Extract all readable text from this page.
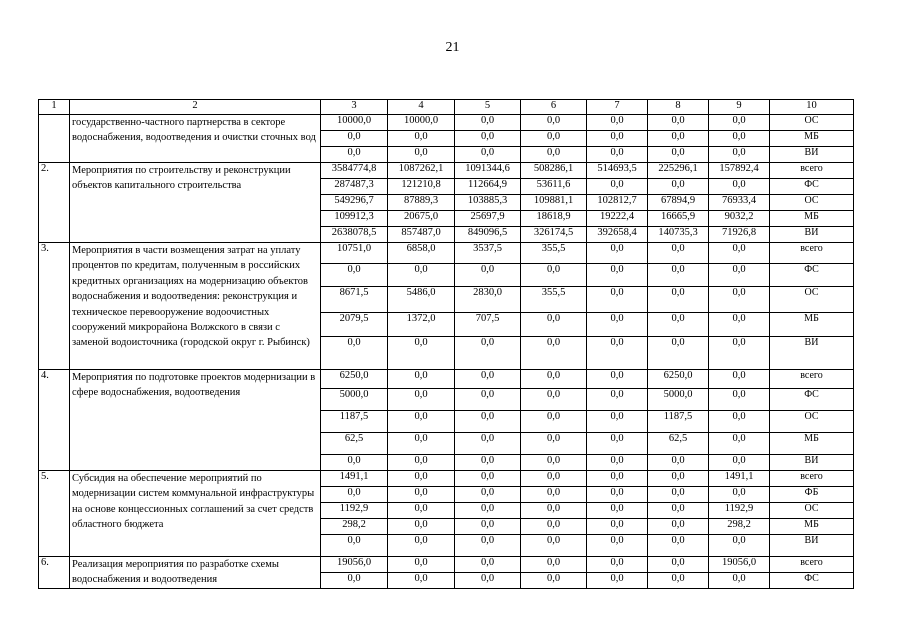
21
1	2	3	4	5	6	7	8	9	10
	государственно-частного партнерства в секторе водоснабжения, водоотведения и очистки сточных вод	10000,0	10000,0	0,0	0,0	0,0	0,0	0,0	ОС
		0,0	0,0	0,0	0,0	0,0	0,0	0,0	МБ
		0,0	0,0	0,0	0,0	0,0	0,0	0,0	ВИ
2.	Мероприятия по строительству и реконструкции объектов капитального строительства	3584774,8	1087262,1	1091344,6	508286,1	514693,5	225296,1	157892,4	всего
		287487,3	121210,8	112664,9	53611,6	0,0	0,0	0,0	ФС
		549296,7	87889,3	103885,3	109881,1	102812,7	67894,9	76933,4	ОС
		109912,3	20675,0	25697,9	18618,9	19222,4	16665,9	9032,2	МБ
		2638078,5	857487,0	849096,5	326174,5	392658,4	140735,3	71926,8	ВИ
3.	Мероприятия в части возмещения затрат на уплату процентов по кредитам, полученным в российских кредитных организациях на модернизацию объектов водоснабжения и водоотведения: реконструкция и техническое перевооружение водоочистных сооружений микрорайона Волжского в связи с заменой водоисточника (городской округ г. Рыбинск)	10751,0	6858,0	3537,5	355,5	0,0	0,0	0,0	всего
		0,0	0,0	0,0	0,0	0,0	0,0	0,0	ФС
		8671,5	5486,0	2830,0	355,5	0,0	0,0	0,0	ОС
		2079,5	1372,0	707,5	0,0	0,0	0,0	0,0	МБ
		0,0	0,0	0,0	0,0	0,0	0,0	0,0	ВИ
4.	Мероприятия по подготовке проектов модернизации в сфере водоснабжения, водоотведения	6250,0	0,0	0,0	0,0	0,0	6250,0	0,0	всего
		5000,0	0,0	0,0	0,0	0,0	5000,0	0,0	ФС
		1187,5	0,0	0,0	0,0	0,0	1187,5	0,0	ОС
		62,5	0,0	0,0	0,0	0,0	62,5	0,0	МБ
		0,0	0,0	0,0	0,0	0,0	0,0	0,0	ВИ
5.	Субсидия на обеспечение мероприятий по модернизации систем коммунальной инфраструктуры на основе концессионных соглашений за счет средств областного бюджета	1491,1	0,0	0,0	0,0	0,0	0,0	1491,1	всего
		0,0	0,0	0,0	0,0	0,0	0,0	0,0	ФБ
		1192,9	0,0	0,0	0,0	0,0	0,0	1192,9	ОС
		298,2	0,0	0,0	0,0	0,0	0,0	298,2	МБ
		0,0	0,0	0,0	0,0	0,0	0,0	0,0	ВИ
6.	Реализация мероприятия по разработке схемы водоснабжения и водоотведения	19056,0	0,0	0,0	0,0	0,0	0,0	19056,0	всего
		0,0	0,0	0,0	0,0	0,0	0,0	0,0	ФС
